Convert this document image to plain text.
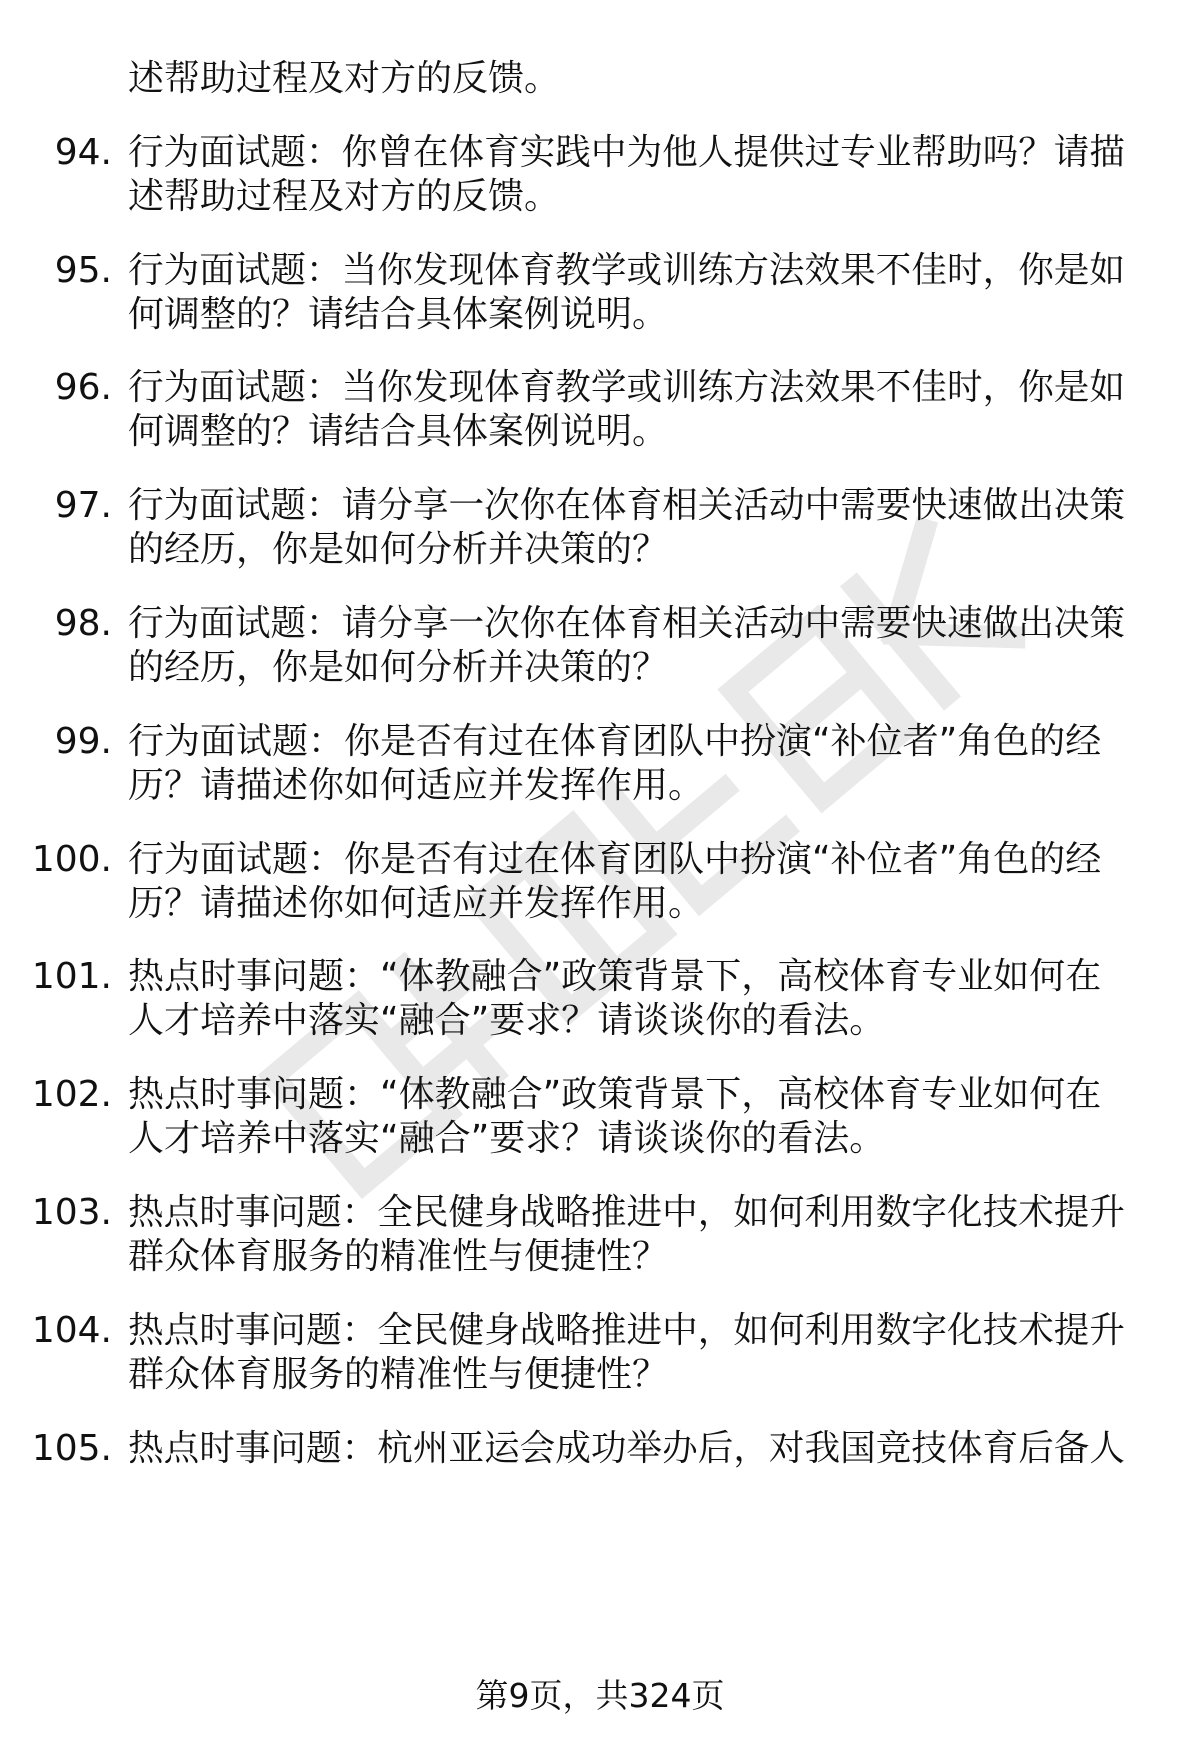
述帮助过程及对方的反馈。
94. 行为面试题：你曾在体育实践中为他人提供过专业帮助吗？请描
述帮助过程及对方的反馈。
95. 行为面试题：当你发现体育教学或训练方法效果不佳时，你是如
何调整的？请结合具体案例说明。
96. 行为面试题：当你发现体育教学或训练方法效果不佳时，你是如
何调整的？请结合具体案例说明。
97. 行为面试题：请分享一次你在体育相关活动中需要快速做出决策
的经历，你是如何分析并决策的？
98. 行为面试题：请分享一次你在体育相关活动中需要快速做出决策
的经历，你是如何分析并决策的？
99. 行为面试题：你是否有过在体育团队中扮演“补位者”角色的经
历？请描述你如何适应并发挥作用。
100. 行为面试题：你是否有过在体育团队中扮演“补位者”角色的经
历？请描述你如何适应并发挥作用。
101. 热点时事问题：“体教融合”政策背景下，高校体育专业如何在
人才培养中落实“融合”要求？请谈谈你的看法。
102. 热点时事问题：“体教融合”政策背景下，高校体育专业如何在
人才培养中落实“融合”要求？请谈谈你的看法。
103. 热点时事问题：全民健身战略推进中，如何利用数字化技术提升
群众体育服务的精准性与便捷性？
104. 热点时事问题：全民健身战略推进中，如何利用数字化技术提升
群众体育服务的精准性与便捷性？
105. 热点时事问题：杭州亚运会成功举办后，对我国竞技体育后备人
第9页，共324页
